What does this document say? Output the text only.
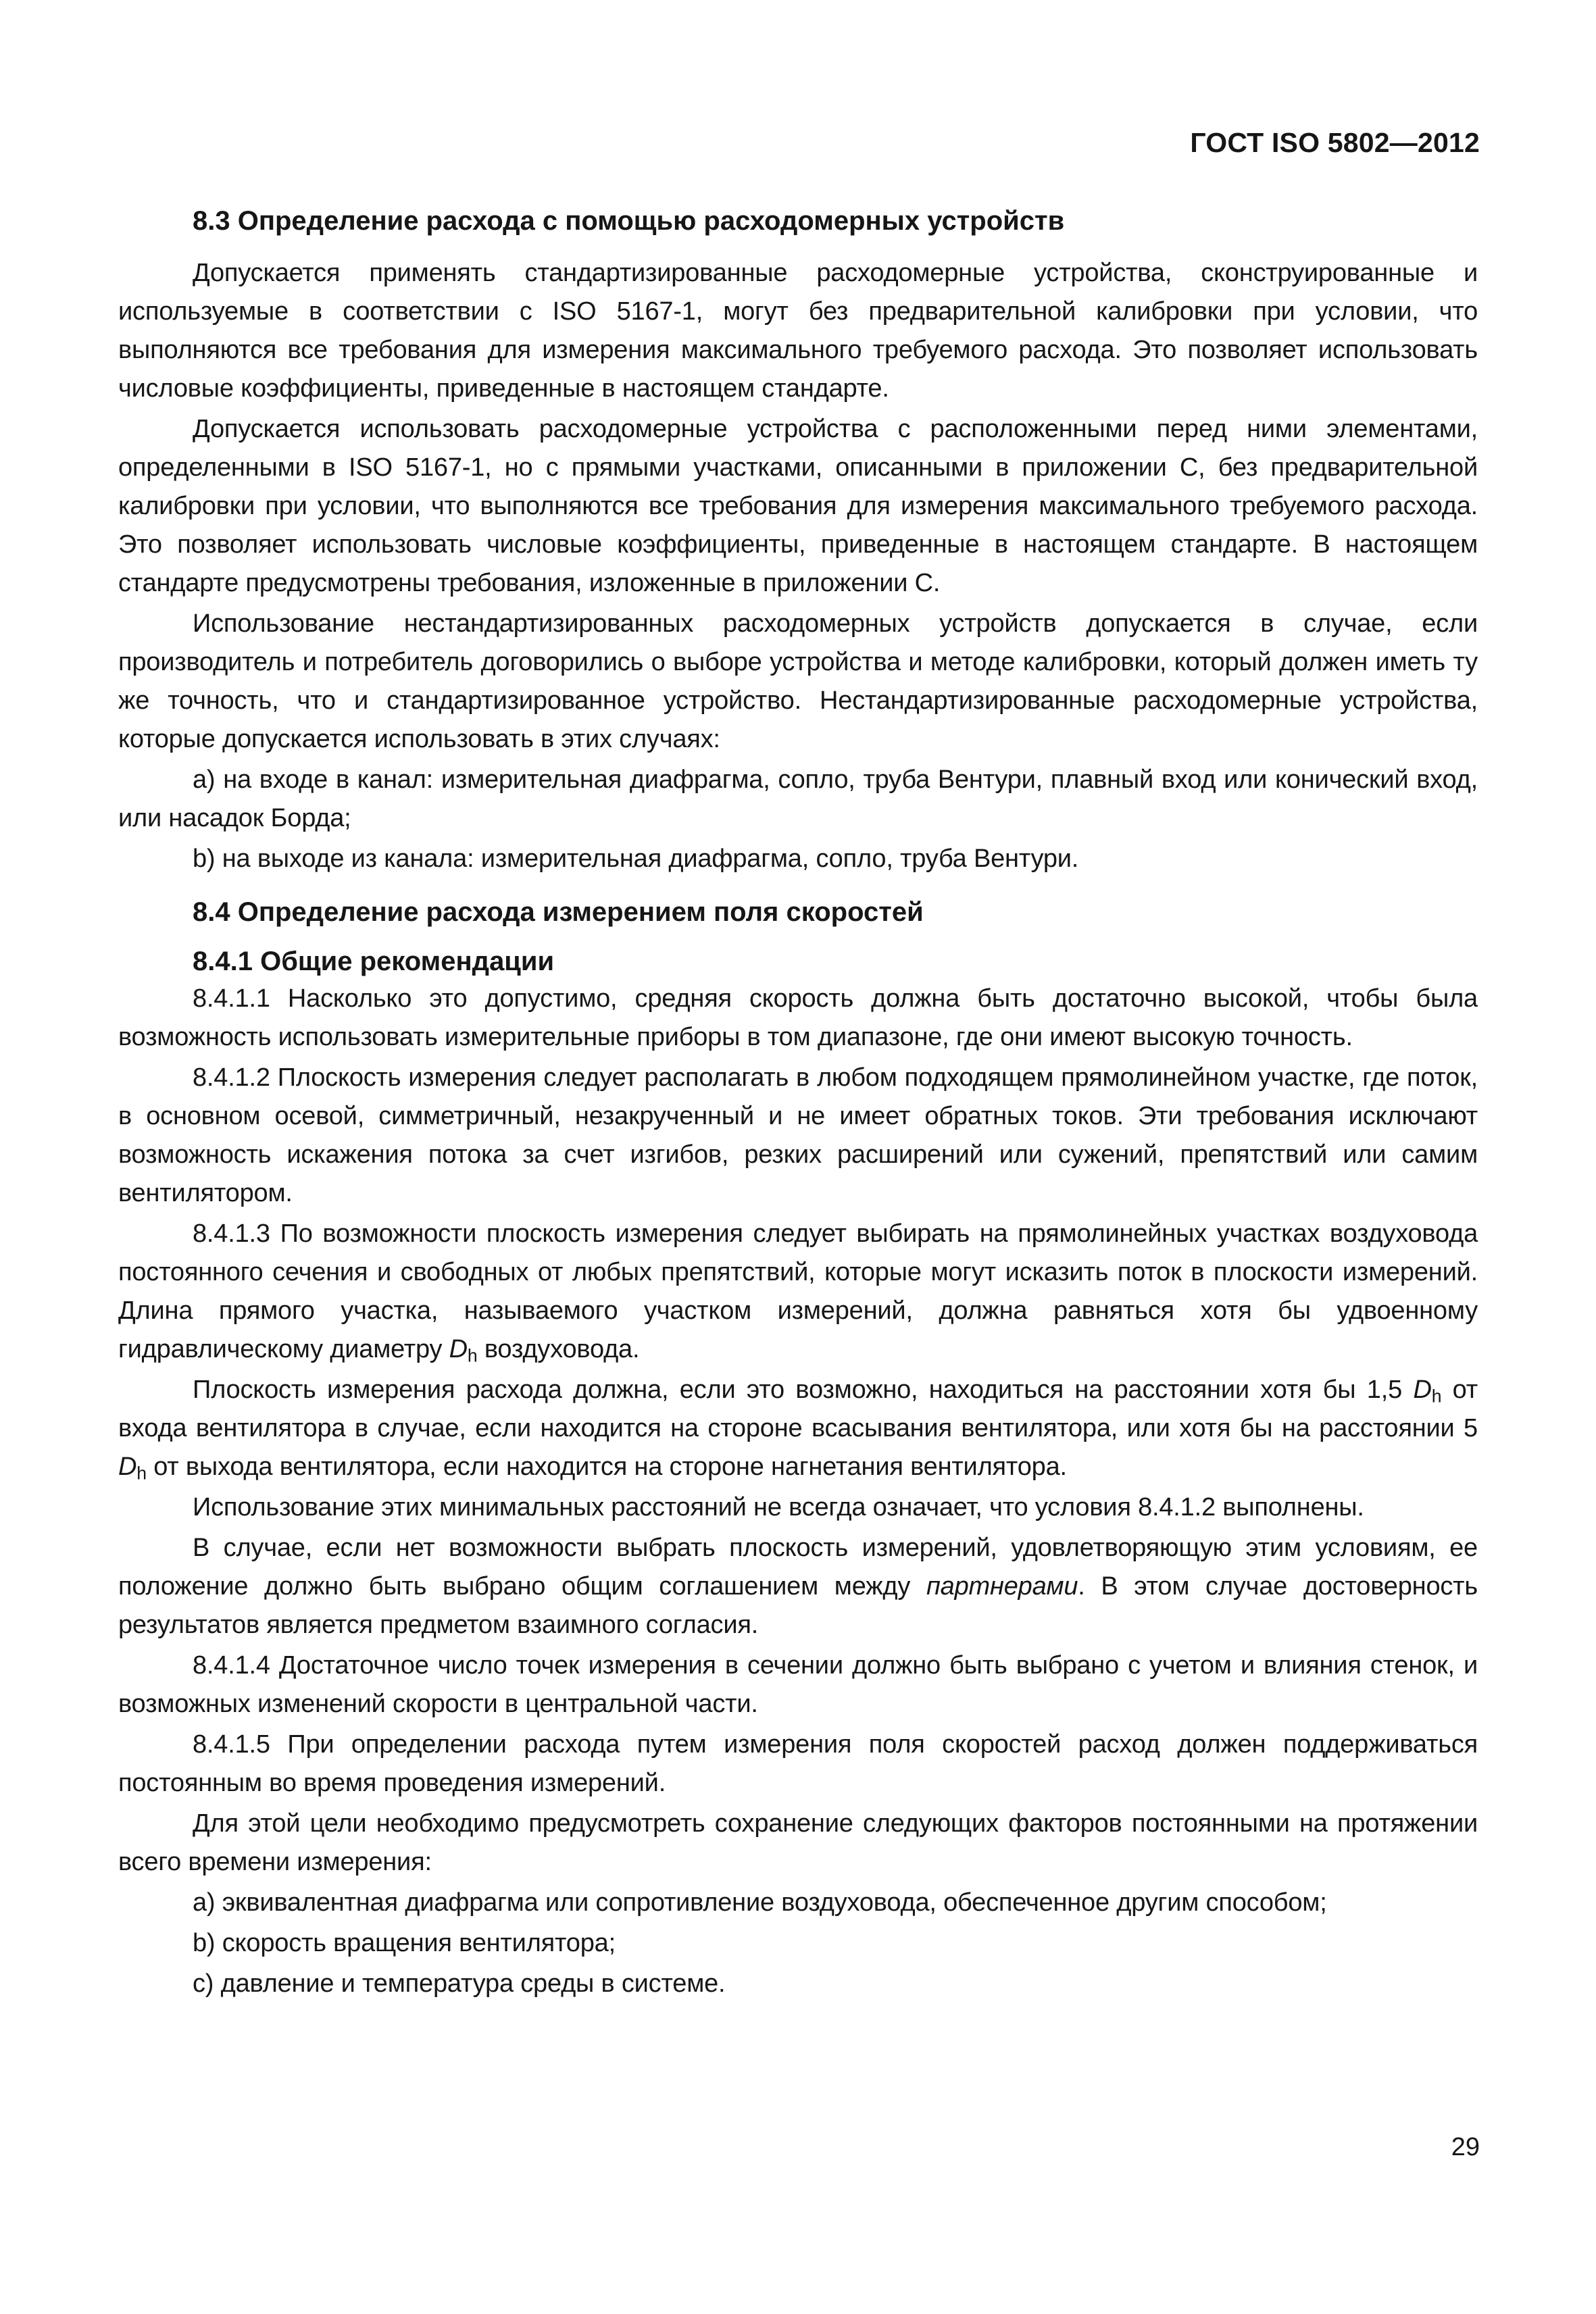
ГОСТ ISO 5802—2012
8.3 Определение расхода с помощью расходомерных устройств

Допускается применять стандартизированные расходомерные устройства, сконструированные и используемые в соответствии с ISO 5167-1, могут без предварительной калибровки при условии, что выполняются все требования для измерения максимального требуемого расхода. Это позволяет использовать числовые коэффициенты, приведенные в настоящем стандарте.

Допускается использовать расходомерные устройства с расположенными перед ними элементами, определенными в ISO 5167-1, но с прямыми участками, описанными в приложении С, без предварительной калибровки при условии, что выполняются все требования для измерения максимального требуемого расхода. Это позволяет использовать числовые коэффициенты, приведенные в настоящем стандарте. В настоящем стандарте предусмотрены требования, изложенные в приложении С.

Использование нестандартизированных расходомерных устройств допускается в случае, если производитель и потребитель договорились о выборе устройства и методе калибровки, который должен иметь ту же точность, что и стандартизированное устройство. Нестандартизированные расходомерные устройства, которые допускается использовать в этих случаях:

а) на входе в канал: измерительная диафрагма, сопло, труба Вентури, плавный вход или конический вход, или насадок Борда;

b) на выходе из канала: измерительная диафрагма, сопло, труба Вентури.

8.4 Определение расхода измерением поля скоростей
8.4.1 Общие рекомендации

8.4.1.1 Насколько это допустимо, средняя скорость должна быть достаточно высокой, чтобы была возможность использовать измерительные приборы в том диапазоне, где они имеют высокую точность.

8.4.1.2 Плоскость измерения следует располагать в любом подходящем прямолинейном участке, где поток, в основном осевой, симметричный, незакрученный и не имеет обратных токов. Эти требования исключают возможность искажения потока за счет изгибов, резких расширений или сужений, препятствий или самим вентилятором.

8.4.1.3 По возможности плоскость измерения следует выбирать на прямолинейных участках воздуховода постоянного сечения и свободных от любых препятствий, которые могут исказить поток в плоскости измерений. Длина прямого участка, называемого участком измерений, должна равняться хотя бы удвоенному гидравлическому диаметру $D_h$ воздуховода.

Плоскость измерения расхода должна, если это возможно, находиться на расстоянии хотя бы 1,5 $D_h$ от входа вентилятора в случае, если находится на стороне всасывания вентилятора, или хотя бы на расстоянии 5 $D_h$ от выхода вентилятора, если находится на стороне нагнетания вентилятора.

Использование этих минимальных расстояний не всегда означает, что условия 8.4.1.2 выполнены.

В случае, если нет возможности выбрать плоскость измерений, удовлетворяющую этим условиям, ее положение должно быть выбрано общим соглашением между партнерами. В этом случае достоверность результатов является предметом взаимного согласия.

8.4.1.4 Достаточное число точек измерения в сечении должно быть выбрано с учетом и влияния стенок, и возможных изменений скорости в центральной части.

8.4.1.5 При определении расхода путем измерения поля скоростей расход должен поддерживаться постоянным во время проведения измерений.

Для этой цели необходимо предусмотреть сохранение следующих факторов постоянными на протяжении всего времени измерения:

а) эквивалентная диафрагма или сопротивление воздуховода, обеспеченное другим способом;

b) скорость вращения вентилятора;

с) давление и температура среды в системе.

29
